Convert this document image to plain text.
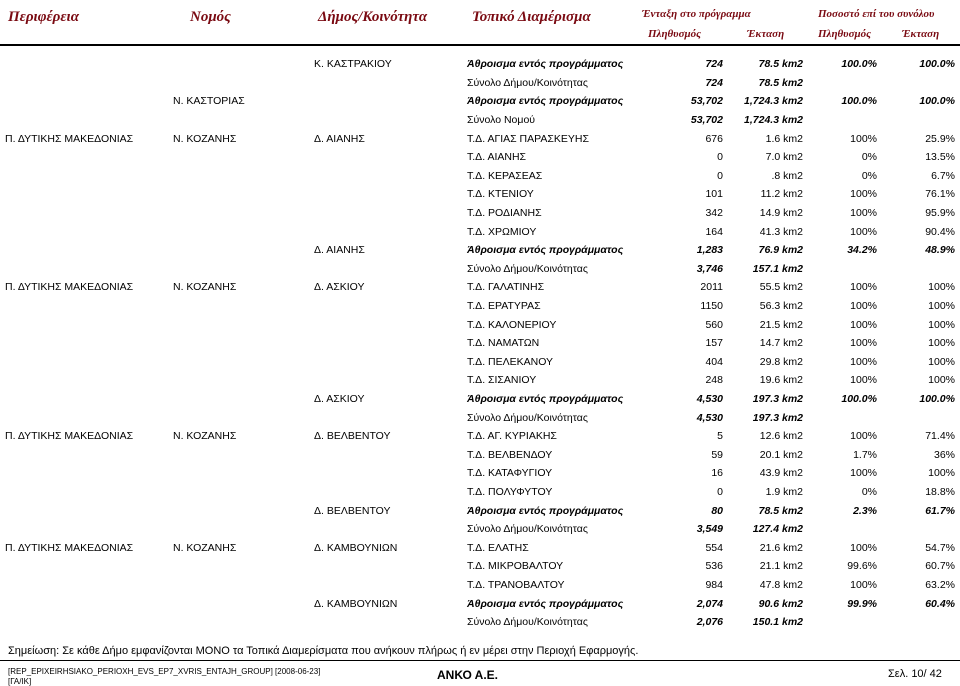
Περιφέρεια	Νομός	Δήμος/Κοινότητα	Τοπικό Διαμέρισμα	Ένταξη στο πρόγραμμα	Ποσοστό επί του συνόλου
Πληθυσμός	Έκταση	Πληθυσμός	Έκταση
		Κ. ΚΑΣΤΡΑΚΙΟΥ	Άθροισμα εντός προγράμματος	724	78.5 km2	100.0%	100.0%
			Σύνολο Δήμου/Κοινότητας	724	78.5 km2		
	Ν. ΚΑΣΤΟΡΙΑΣ		Άθροισμα εντός προγράμματος	53,702	1,724.3 km2	100.0%	100.0%
			Σύνολο Νομού	53,702	1,724.3 km2		
Π. ΔΥΤΙΚΗΣ ΜΑΚΕΔΟΝΙΑΣ	Ν. ΚΟΖΑΝΗΣ	Δ. ΑΙΑΝΗΣ	Τ.Δ. ΑΓΙΑΣ ΠΑΡΑΣΚΕΥΗΣ	676	1.6 km2	100%	25.9%
			Τ.Δ. ΑΙΑΝΗΣ	0	7.0 km2	0%	13.5%
			Τ.Δ. ΚΕΡΑΣΕΑΣ	0	.8 km2	0%	6.7%
			Τ.Δ. ΚΤΕΝΙΟΥ	101	11.2 km2	100%	76.1%
			Τ.Δ. ΡΟΔΙΑΝΗΣ	342	14.9 km2	100%	95.9%
			Τ.Δ. ΧΡΩΜΙΟΥ	164	41.3 km2	100%	90.4%
		Δ. ΑΙΑΝΗΣ	Άθροισμα εντός προγράμματος	1,283	76.9 km2	34.2%	48.9%
			Σύνολο Δήμου/Κοινότητας	3,746	157.1 km2		
Π. ΔΥΤΙΚΗΣ ΜΑΚΕΔΟΝΙΑΣ	Ν. ΚΟΖΑΝΗΣ	Δ. ΑΣΚΙΟΥ	Τ.Δ. ΓΑΛΑΤΙΝΗΣ	2011	55.5 km2	100%	100%
			Τ.Δ. ΕΡΑΤΥΡΑΣ	1150	56.3 km2	100%	100%
			Τ.Δ. ΚΑΛΟΝΕΡΙΟΥ	560	21.5 km2	100%	100%
			Τ.Δ. ΝΑΜΑΤΩΝ	157	14.7 km2	100%	100%
			Τ.Δ. ΠΕΛΕΚΑΝΟΥ	404	29.8 km2	100%	100%
			Τ.Δ. ΣΙΣΑΝΙΟΥ	248	19.6 km2	100%	100%
		Δ. ΑΣΚΙΟΥ	Άθροισμα εντός προγράμματος	4,530	197.3 km2	100.0%	100.0%
			Σύνολο Δήμου/Κοινότητας	4,530	197.3 km2		
Π. ΔΥΤΙΚΗΣ ΜΑΚΕΔΟΝΙΑΣ	Ν. ΚΟΖΑΝΗΣ	Δ. ΒΕΛΒΕΝΤΟΥ	Τ.Δ. ΑΓ. ΚΥΡΙΑΚΗΣ	5	12.6 km2	100%	71.4%
			Τ.Δ. ΒΕΛΒΕΝΔΟΥ	59	20.1 km2	1.7%	36%
			Τ.Δ. ΚΑΤΑΦΥΓΙΟΥ	16	43.9 km2	100%	100%
			Τ.Δ. ΠΟΛΥΦΥΤΟΥ	0	1.9 km2	0%	18.8%
		Δ. ΒΕΛΒΕΝΤΟΥ	Άθροισμα εντός προγράμματος	80	78.5 km2	2.3%	61.7%
			Σύνολο Δήμου/Κοινότητας	3,549	127.4 km2		
Π. ΔΥΤΙΚΗΣ ΜΑΚΕΔΟΝΙΑΣ	Ν. ΚΟΖΑΝΗΣ	Δ. ΚΑΜΒΟΥΝΙΩΝ	Τ.Δ. ΕΛΑΤΗΣ	554	21.6 km2	100%	54.7%
			Τ.Δ. ΜΙΚΡΟΒΑΛΤΟΥ	536	21.1 km2	99.6%	60.7%
			Τ.Δ. ΤΡΑΝΟΒΑΛΤΟΥ	984	47.8 km2	100%	63.2%
		Δ. ΚΑΜΒΟΥΝΙΩΝ	Άθροισμα εντός προγράμματος	2,074	90.6 km2	99.9%	60.4%
			Σύνολο Δήμου/Κοινότητας	2,076	150.1 km2		
Σημείωση: Σε κάθε Δήμο εμφανίζονται ΜΟΝΟ τα Τοπικά Διαμερίσματα που ανήκουν πλήρως ή εν μέρει στην Περιοχή Εφαρμογής.
[REP_EPIXEIRHSIAKO_PERIOXH_EVS_EP7_XVRIS_ENTAJH_GROUP] [2008-06-23]
[ΓΑ/ΙΚ]	ΑΝΚΟ Α.Ε.	Σελ. 10/ 42
